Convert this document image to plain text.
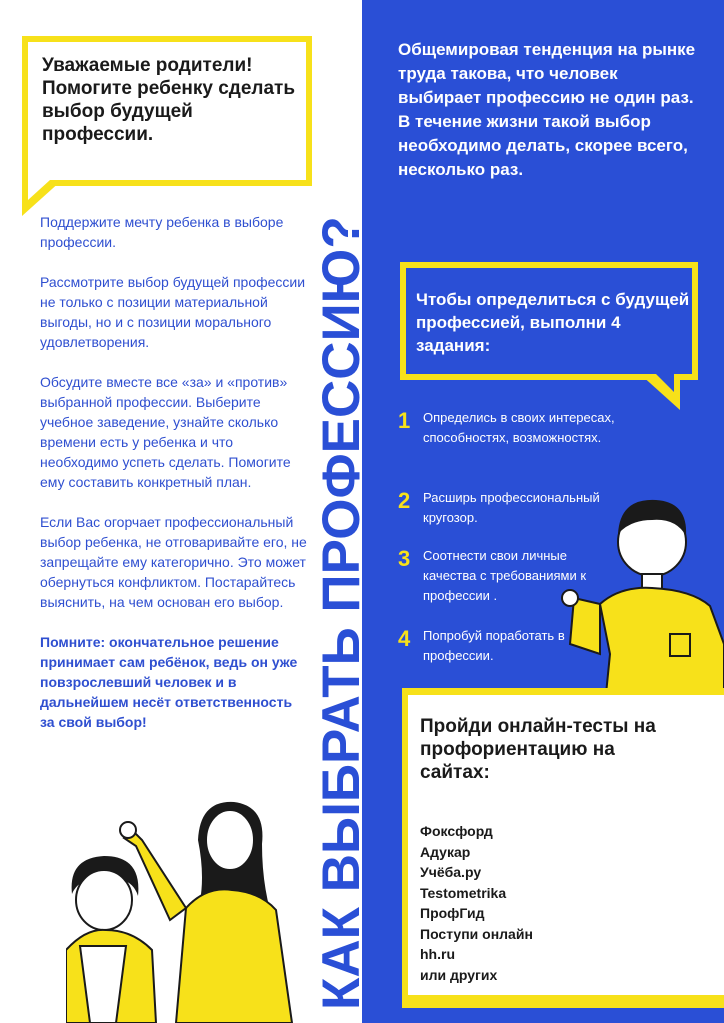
Уважаемые родители! Помогите ребенку сделать выбор будущей профессии.

Поддержите мечту ребенка в выборе профессии.

Рассмотрите выбор будущей профессии не только с позиции материальной выгоды, но и с позиции морального удовлетворения.

Обсудите вместе все «за» и «против» выбранной профессии. Выберите учебное заведение, узнайте сколько времени есть у ребенка и что необходимо успеть сделать. Помогите ему составить конкретный план.

Если Вас огорчает профессиональный выбор ребенка, не отговаривайте его, не запрещайте ему категорично. Это может обернуться конфликтом. Постарайтесь выяснить, на чем основан его выбор.

Помните: окончательное решение принимает сам ребёнок, ведь он уже повзрослевший человек и в дальнейшем несёт ответственность за свой выбор!	КАК ВЫБРАТЬ ПРОФЕССИЮ?

Общемировая тенденция на рынке труда такова, что человек выбирает профессию не один раз. В течение жизни такой выбор необходимо делать, скорее всего, несколько раз.

Чтобы определиться с будущей профессией, выполни 4 задания:
1 Определись в своих интересах, способностях, возможностях.
2 Расширь профессиональный кругозор.
3 Соотнести свои личные качества с требованиями к профессии .
4 Попробуй поработать в профессии.
Пройди онлайн-тесты на профориентацию на сайтах:
Фоксфорд
Адукар
Учёба.ру
Testometrika
ПрофГид
Поступи онлайн
hh.ru
или других
